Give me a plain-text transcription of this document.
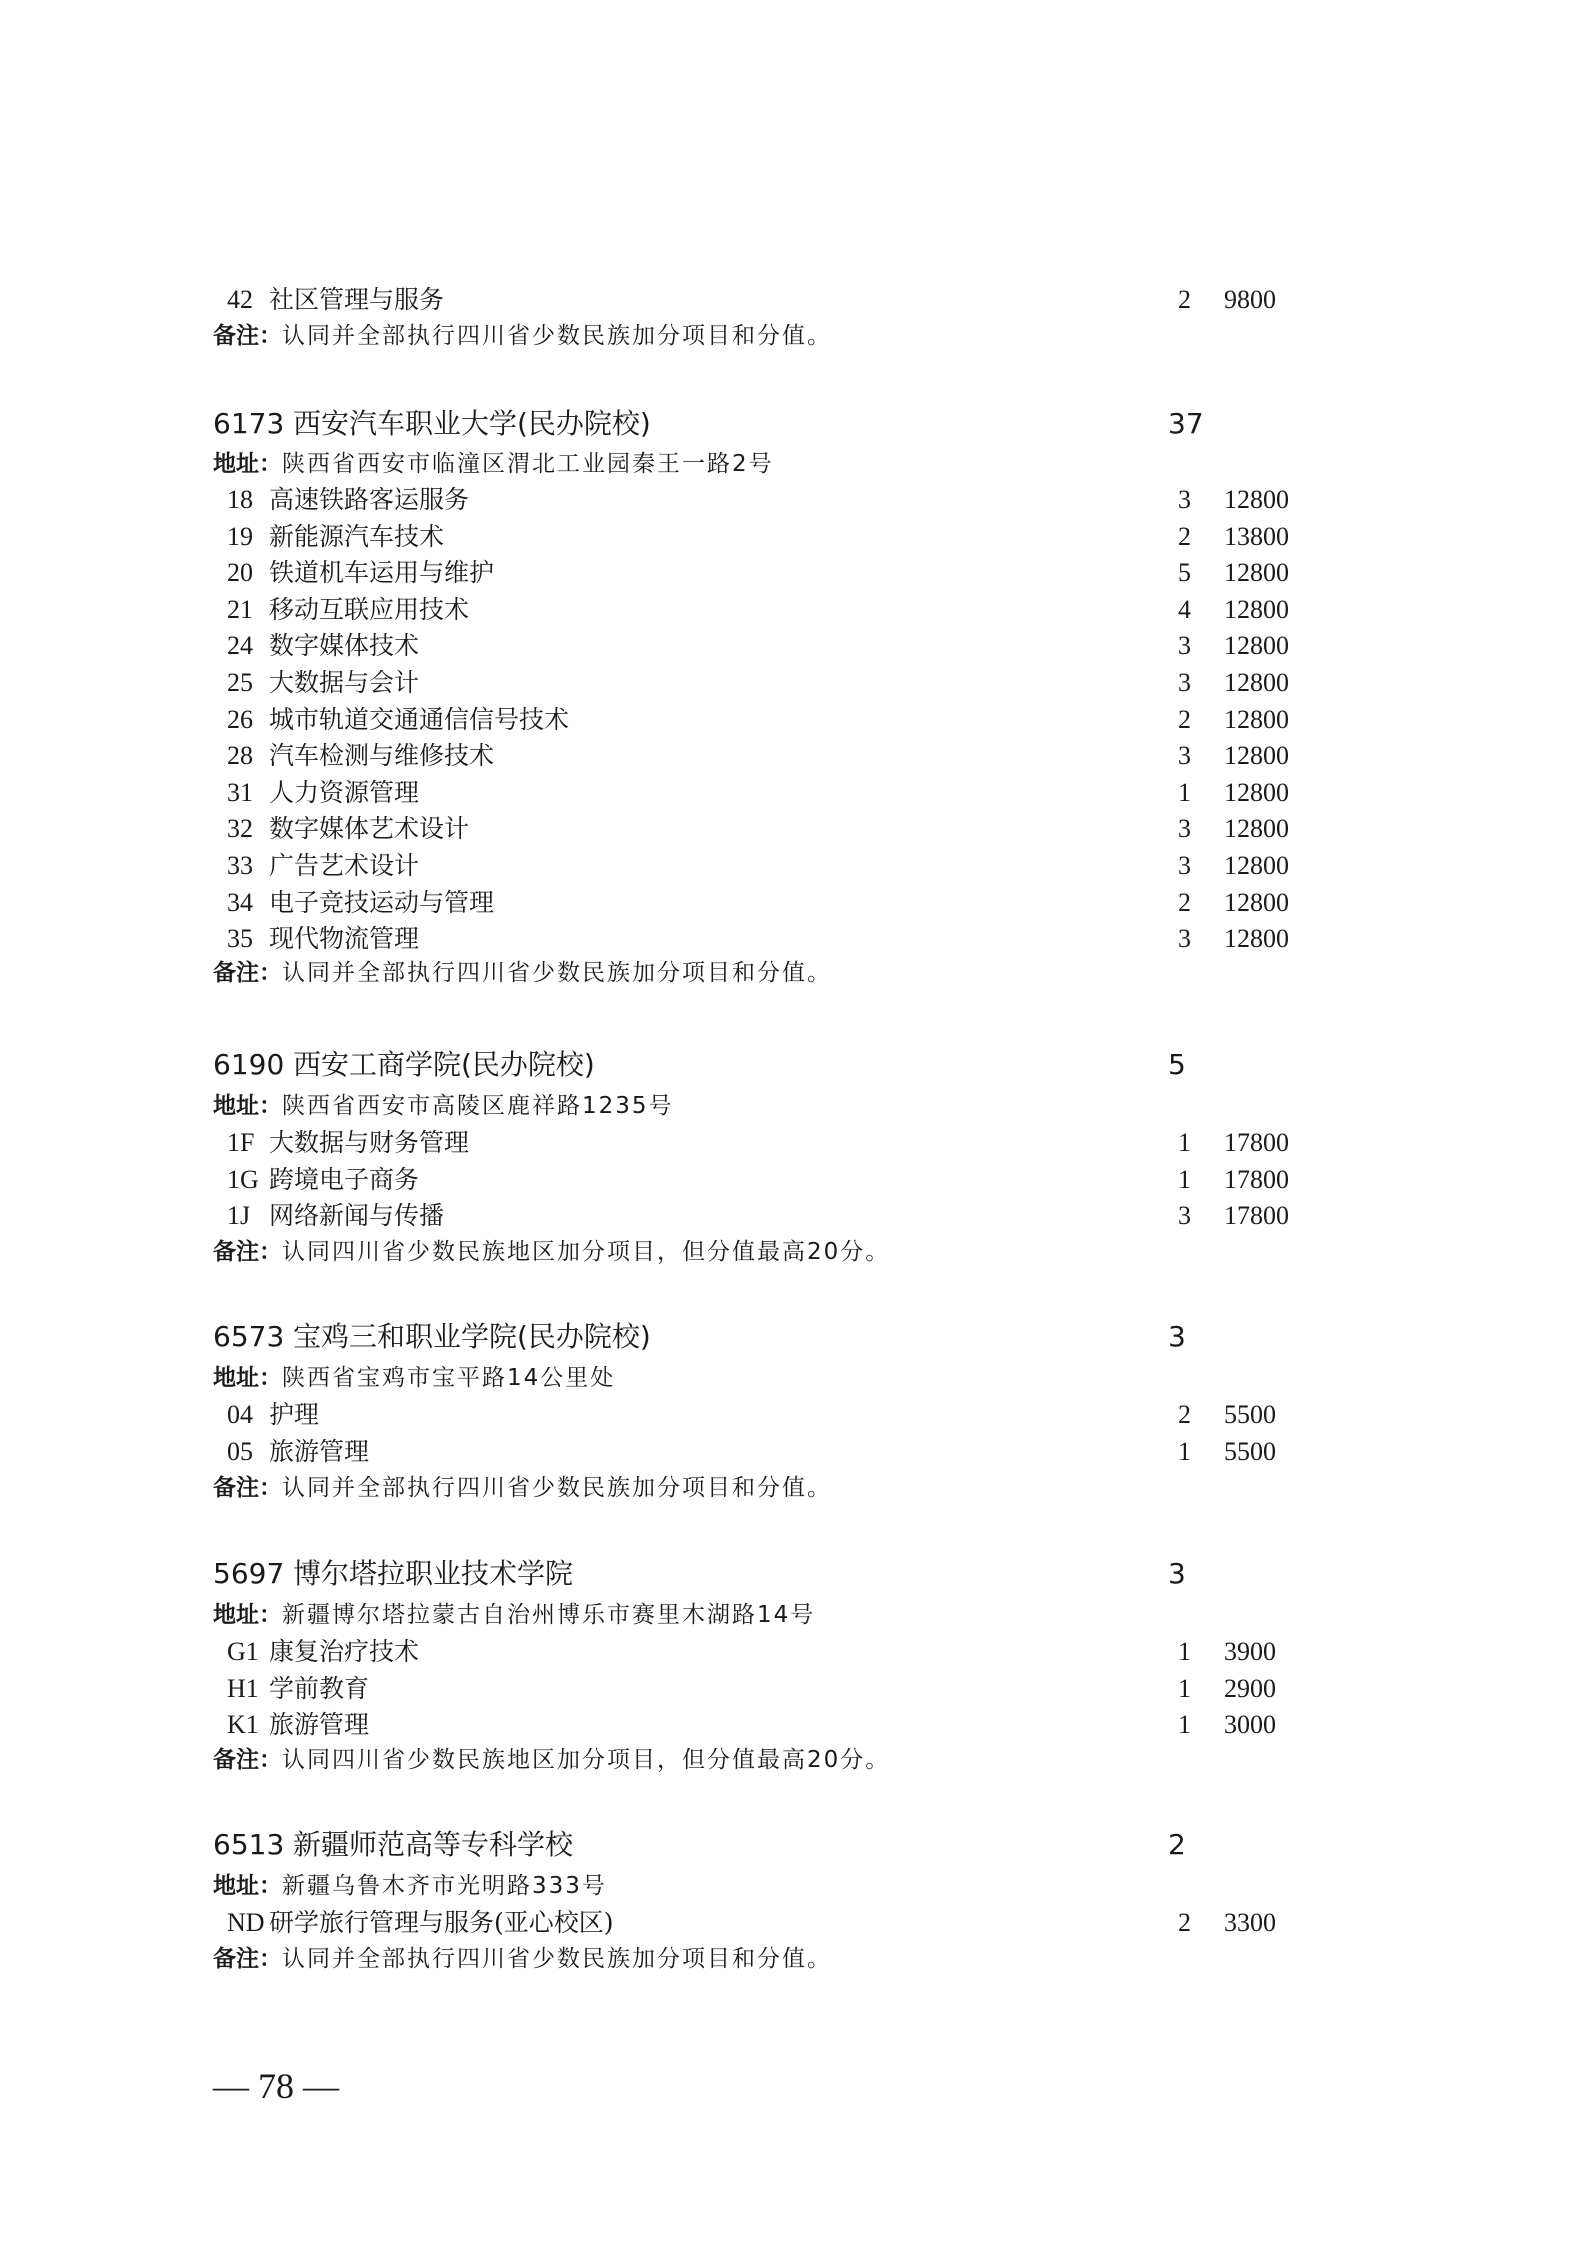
42 社区管理与服务	2 9800
备注：认同并全部执行四川省少数民族加分项目和分值。
6173 西安汽车职业大学(民办院校)	37
地址：陕西省西安市临潼区渭北工业园秦王一路2号
18 高速铁路客运服务	3 12800
19 新能源汽车技术	2 13800
20 铁道机车运用与维护	5 12800
21 移动互联应用技术	4 12800
24 数字媒体技术	3 12800
25 大数据与会计	3 12800
26 城市轨道交通通信信号技术	2 12800
28 汽车检测与维修技术	3 12800
31 人力资源管理	1 12800
32 数字媒体艺术设计	3 12800
33 广告艺术设计	3 12800
34 电子竞技运动与管理	2 12800
35 现代物流管理	3 12800
备注：认同并全部执行四川省少数民族加分项目和分值。
6190 西安工商学院(民办院校)	5
地址：陕西省西安市高陵区鹿祥路1235号
1F 大数据与财务管理	1 17800
1G 跨境电子商务	1 17800
1J 网络新闻与传播	3 17800
备注：认同四川省少数民族地区加分项目，但分值最高20分。
6573 宝鸡三和职业学院(民办院校)	3
地址：陕西省宝鸡市宝平路14公里处
04 护理	2 5500
05 旅游管理	1 5500
备注：认同并全部执行四川省少数民族加分项目和分值。
5697 博尔塔拉职业技术学院	3
地址：新疆博尔塔拉蒙古自治州博乐市赛里木湖路14号
G1 康复治疗技术	1 3900
H1 学前教育	1 2900
K1 旅游管理	1 3000
备注：认同四川省少数民族地区加分项目，但分值最高20分。
6513 新疆师范高等专科学校	2
地址：新疆乌鲁木齐市光明路333号
ND 研学旅行管理与服务(亚心校区)	2 3300
备注：认同并全部执行四川省少数民族加分项目和分值。
— 78 —
